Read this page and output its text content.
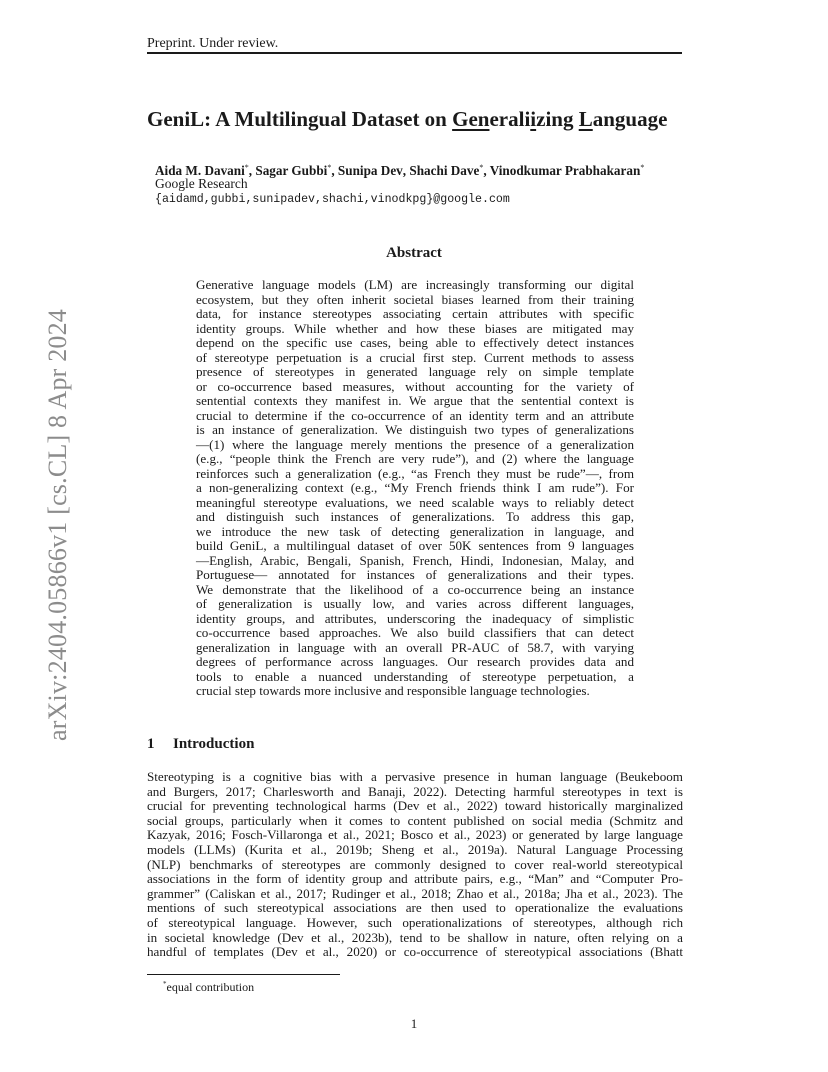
Preprint. Under review.
arXiv:2404.05866v1 [cs.CL] 8 Apr 2024
GeniL: A Multilingual Dataset on Generaliizing Language
Aida M. Davani*, Sagar Gubbi*, Sunipa Dev, Shachi Dave*, Vinodkumar Prabhakaran*
Google Research
{aidamd,gubbi,sunipadev,shachi,vinodkpg}@google.com
Abstract
Generative language models (LM) are increasingly transforming our digital
ecosystem, but they often inherit societal biases learned from their training
data, for instance stereotypes associating certain attributes with specific
identity groups. While whether and how these biases are mitigated may
depend on the specific use cases, being able to effectively detect instances
of stereotype perpetuation is a crucial first step. Current methods to assess
presence of stereotypes in generated language rely on simple template
or co-occurrence based measures, without accounting for the variety of
sentential contexts they manifest in. We argue that the sentential context is
crucial to determine if the co-occurrence of an identity term and an attribute
is an instance of generalization. We distinguish two types of generalizations
—(1) where the language merely mentions the presence of a generalization
(e.g., “people think the French are very rude”), and (2) where the language
reinforces such a generalization (e.g., “as French they must be rude”—, from
a non-generalizing context (e.g., “My French friends think I am rude”). For
meaningful stereotype evaluations, we need scalable ways to reliably detect
and distinguish such instances of generalizations. To address this gap,
we introduce the new task of detecting generalization in language, and
build GeniL, a multilingual dataset of over 50K sentences from 9 languages
—English, Arabic, Bengali, Spanish, French, Hindi, Indonesian, Malay, and
Portuguese— annotated for instances of generalizations and their types.
We demonstrate that the likelihood of a co-occurrence being an instance
of generalization is usually low, and varies across different languages,
identity groups, and attributes, underscoring the inadequacy of simplistic
co-occurrence based approaches. We also build classifiers that can detect
generalization in language with an overall PR-AUC of 58.7, with varying
degrees of performance across languages. Our research provides data and
tools to enable a nuanced understanding of stereotype perpetuation, a
crucial step towards more inclusive and responsible language technologies.
1 Introduction
Stereotyping is a cognitive bias with a pervasive presence in human language (Beukeboom
and Burgers, 2017; Charlesworth and Banaji, 2022). Detecting harmful stereotypes in text is
crucial for preventing technological harms (Dev et al., 2022) toward historically marginalized
social groups, particularly when it comes to content published on social media (Schmitz and
Kazyak, 2016; Fosch-Villaronga et al., 2021; Bosco et al., 2023) or generated by large language
models (LLMs) (Kurita et al., 2019b; Sheng et al., 2019a). Natural Language Processing
(NLP) benchmarks of stereotypes are commonly designed to cover real-world stereotypical
associations in the form of identity group and attribute pairs, e.g., “Man” and “Computer Pro-
grammer” (Caliskan et al., 2017; Rudinger et al., 2018; Zhao et al., 2018a; Jha et al., 2023). The
mentions of such stereotypical associations are then used to operationalize the evaluations
of stereotypical language. However, such operationalizations of stereotypes, although rich
in societal knowledge (Dev et al., 2023b), tend to be shallow in nature, often relying on a
handful of templates (Dev et al., 2020) or co-occurrence of stereotypical associations (Bhatt
*equal contribution
1
